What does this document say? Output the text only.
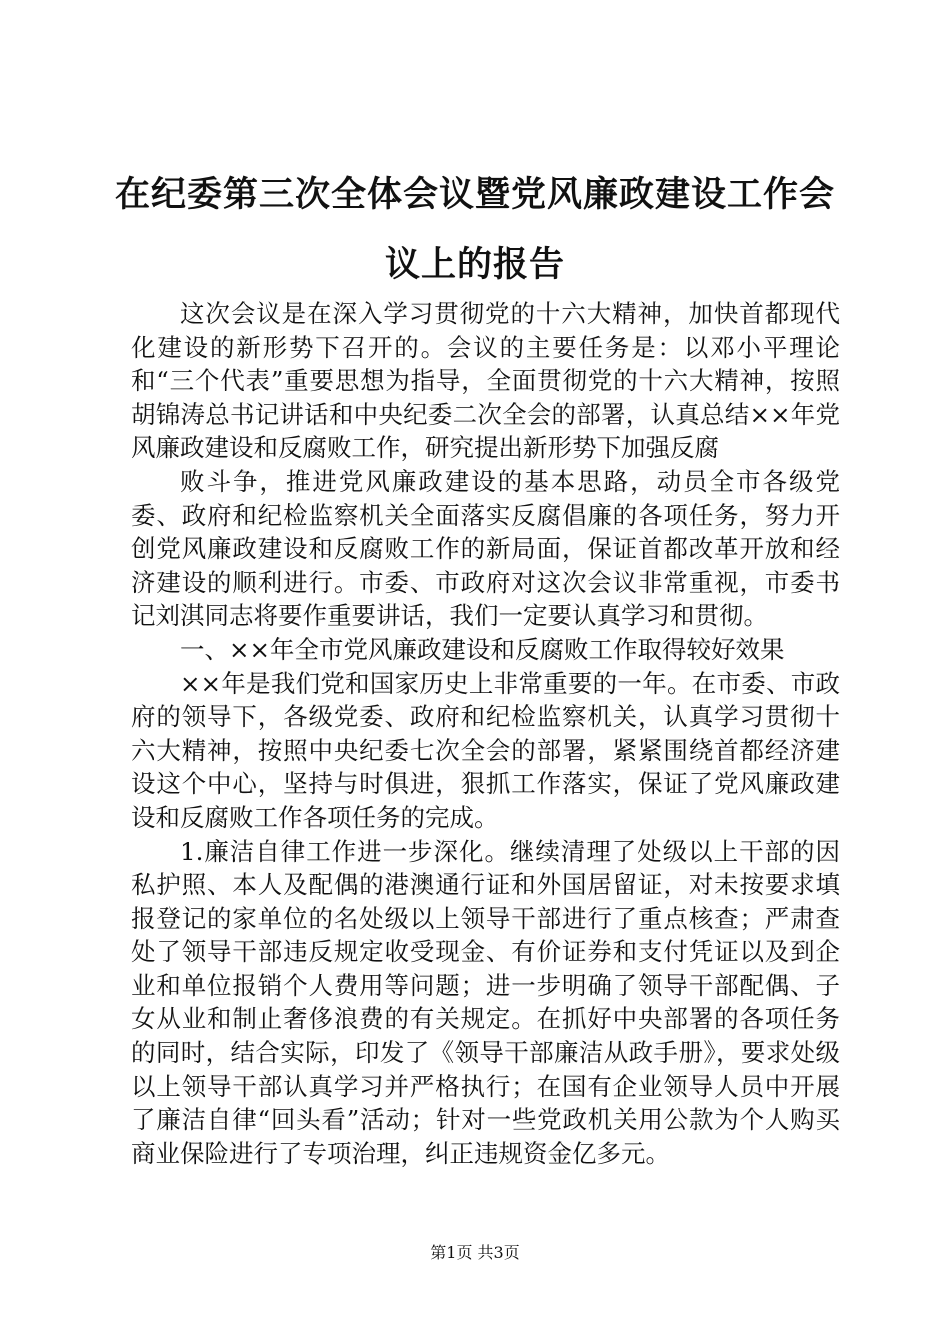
在纪委第三次全体会议暨党风廉政建设工作会议上的报告

这次会议是在深入学习贯彻党的十六大精神，加快首都现代化建设的新形势下召开的。会议的主要任务是：以邓小平理论和“三个代表”重要思想为指导，全面贯彻党的十六大精神，按照胡锦涛总书记讲话和中央纪委二次全会的部署，认真总结××年党风廉政建设和反腐败工作，研究提出新形势下加强反腐

败斗争，推进党风廉政建设的基本思路，动员全市各级党委、政府和纪检监察机关全面落实反腐倡廉的各项任务，努力开创党风廉政建设和反腐败工作的新局面，保证首都改革开放和经济建设的顺利进行。市委、市政府对这次会议非常重视，市委书记刘淇同志将要作重要讲话，我们一定要认真学习和贯彻。

一、××年全市党风廉政建设和反腐败工作取得较好效果

××年是我们党和国家历史上非常重要的一年。在市委、市政府的领导下，各级党委、政府和纪检监察机关，认真学习贯彻十六大精神，按照中央纪委七次全会的部署，紧紧围绕首都经济建设这个中心，坚持与时俱进，狠抓工作落实，保证了党风廉政建设和反腐败工作各项任务的完成。

1.廉洁自律工作进一步深化。继续清理了处级以上干部的因私护照、本人及配偶的港澳通行证和外国居留证，对未按要求填报登记的家单位的名处级以上领导干部进行了重点核查；严肃查处了领导干部违反规定收受现金、有价证券和支付凭证以及到企业和单位报销个人费用等问题；进一步明确了领导干部配偶、子女从业和制止奢侈浪费的有关规定。在抓好中央部署的各项任务的同时，结合实际，印发了《领导干部廉洁从政手册》，要求处级以上领导干部认真学习并严格执行；在国有企业领导人员中开展了廉洁自律“回头看”活动；针对一些党政机关用公款为个人购买商业保险进行了专项治理，纠正违规资金亿多元。

第1页 共3页
